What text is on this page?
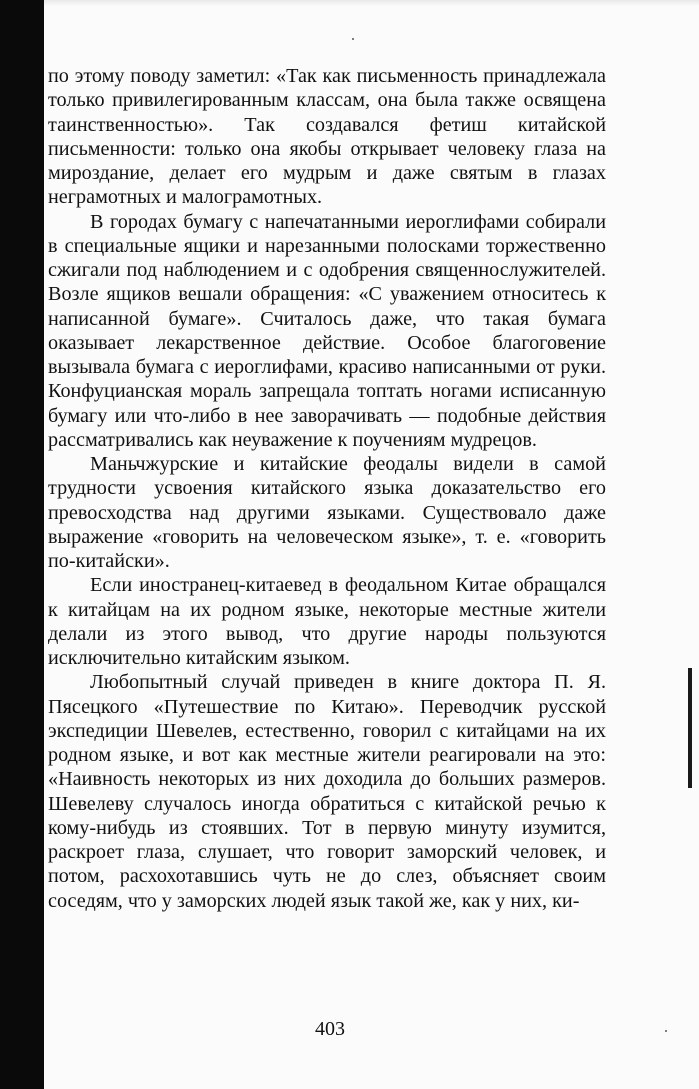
по этому поводу заметил: «Так как письменность принадлежала только привилегированным классам, она была также освящена таинственностью». Так создавался фетиш китайской письменности: только она якобы открывает человеку глаза на мироздание, делает его мудрым и даже святым в глазах неграмотных и малограмотных.

В городах бумагу с напечатанными иероглифами собирали в специальные ящики и нарезанными полосками торжественно сжигали под наблюдением и с одобрения священнослужителей. Возле ящиков вешали обращения: «С уважением относитесь к написанной бумаге». Считалось даже, что такая бумага оказывает лекарственное действие. Особое благоговение вызывала бумага с иероглифами, красиво написанными от руки. Конфуцианская мораль запрещала топтать ногами исписанную бумагу или что-либо в нее заворачивать — подобные действия рассматривались как неуважение к поучениям мудрецов.

Маньчжурские и китайские феодалы видели в самой трудности усвоения китайского языка доказательство его превосходства над другими языками. Существовало даже выражение «говорить на человеческом языке», т. е. «говорить по-китайски».

Если иностранец-китаевед в феодальном Китае обращался к китайцам на их родном языке, некоторые местные жители делали из этого вывод, что другие народы пользуются исключительно китайским языком.

Любопытный случай приведен в книге доктора П. Я. Пясецкого «Путешествие по Китаю». Переводчик русской экспедиции Шевелев, естественно, говорил с китайцами на их родном языке, и вот как местные жители реагировали на это: «Наивность некоторых из них доходила до больших размеров. Шевелеву случалось иногда обратиться с китайской речью к кому-нибудь из стоявших. Тот в первую минуту изумится, раскроет глаза, слушает, что говорит заморский человек, и потом, расхохотавшись чуть не до слез, объясняет своим соседям, что у заморских людей язык такой же, как у них, ки-

403
